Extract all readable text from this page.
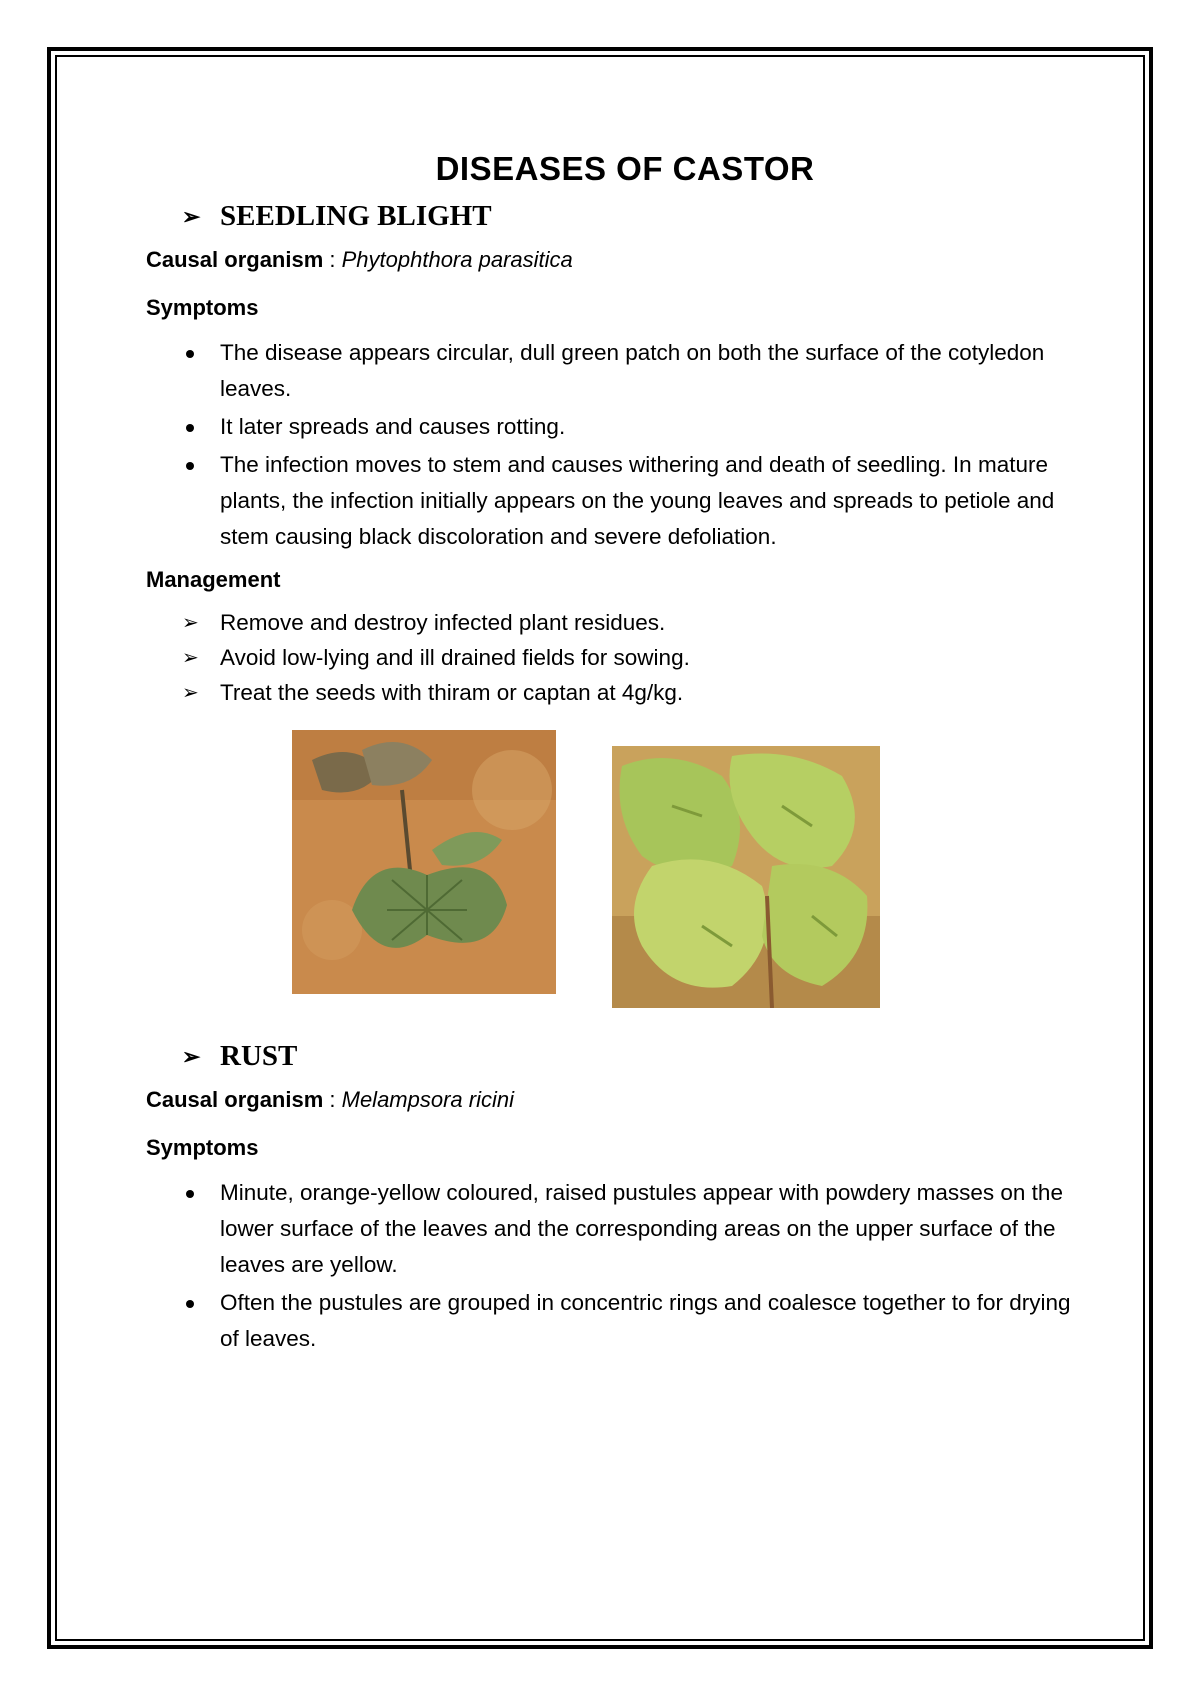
DISEASES OF CASTOR
➢ SEEDLING BLIGHT

Causal organism : Phytophthora parasitica

Symptoms

The disease appears circular, dull green patch on both the surface of the cotyledon leaves.
It later spreads and causes rotting.
The infection moves to stem and causes withering and death of seedling. In mature plants, the infection initially appears on the young leaves and spreads to petiole and stem causing black discoloration and severe defoliation.

Management

➢ Remove and destroy infected plant residues.
➢ Avoid low-lying and ill drained fields for sowing.
➢ Treat the seeds with thiram or captan at 4g/kg.
➢ RUST

Causal organism : Melampsora ricini

Symptoms

Minute, orange-yellow coloured, raised pustules appear with powdery masses on the lower surface of the leaves and the corresponding areas on the upper surface of the leaves are yellow.
Often the pustules are grouped in concentric rings and coalesce together to for drying of leaves.
